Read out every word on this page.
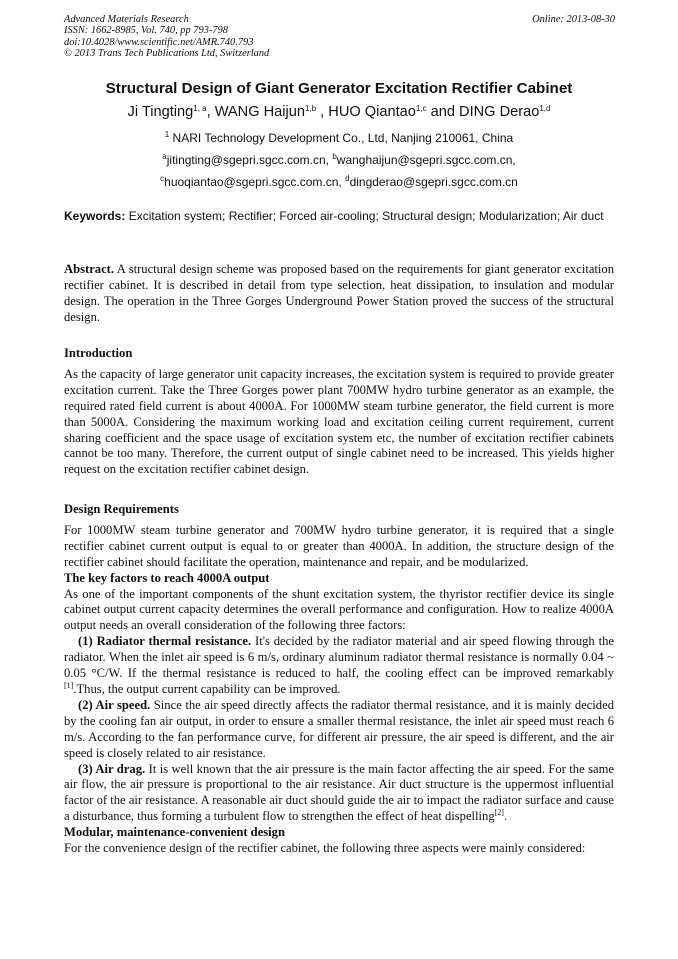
Advanced Materials Research
ISSN: 1662-8985, Vol. 740, pp 793-798
doi:10.4028/www.scientific.net/AMR.740.793
© 2013 Trans Tech Publications Ltd, Switzerland
Online: 2013-08-30
Structural Design of Giant Generator Excitation Rectifier Cabinet
Ji Tingting$^{1, a}$, WANG Haijun$^{1,b}$ , HUO Qiantao$^{1,c}$ and DING Derao$^{1,d}$
$^1$ NARI Technology Development Co., Ltd, Nanjing 210061, China
$^a$jitingting@sgepri.sgcc.com.cn, $^b$wanghaijun@sgepri.sgcc.com.cn,
$^c$huoqiantao@sgepri.sgcc.com.cn, $^d$dingderao@sgepri.sgcc.com.cn
Keywords: Excitation system; Rectifier; Forced air-cooling; Structural design; Modularization; Air duct
Abstract. A structural design scheme was proposed based on the requirements for giant generator excitation rectifier cabinet. It is described in detail from type selection, heat dissipation, to insulation and modular design. The operation in the Three Gorges Underground Power Station proved the success of the structural design.
Introduction

As the capacity of large generator unit capacity increases, the excitation system is required to provide greater excitation current. Take the Three Gorges power plant 700MW hydro turbine generator as an example, the required rated field current is about 4000A. For 1000MW steam turbine generator, the field current is more than 5000A. Considering the maximum working load and excitation ceiling current requirement, current sharing coefficient and the space usage of excitation system etc, the number of excitation rectifier cabinets cannot be too many. Therefore, the current output of single cabinet need to be increased. This yields higher request on the excitation rectifier cabinet design.

Design Requirements

For 1000MW steam turbine generator and 700MW hydro turbine generator, it is required that a single rectifier cabinet current output is equal to or greater than 4000A. In addition, the structure design of the rectifier cabinet should facilitate the operation, maintenance and repair, and be modularized.

The key factors to reach 4000A output

As one of the important components of the shunt excitation system, the thyristor rectifier device its single cabinet output current capacity determines the overall performance and configuration. How to realize 4000A output needs an overall consideration of the following three factors:

(1) Radiator thermal resistance. It's decided by the radiator material and air speed flowing through the radiator. When the inlet air speed is 6 m/s, ordinary aluminum radiator thermal resistance is normally 0.04 ~ 0.05 °C/W. If the thermal resistance is reduced to half, the cooling effect can be improved remarkably [1].Thus, the output current capability can be improved.

(2) Air speed. Since the air speed directly affects the radiator thermal resistance, and it is mainly decided by the cooling fan air output, in order to ensure a smaller thermal resistance, the inlet air speed must reach 6 m/s. According to the fan performance curve, for different air pressure, the air speed is different, and the air speed is closely related to air resistance.

(3) Air drag. It is well known that the air pressure is the main factor affecting the air speed. For the same air flow, the air pressure is proportional to the air resistance. Air duct structure is the uppermost influential factor of the air resistance. A reasonable air duct should guide the air to impact the radiator surface and cause a disturbance, thus forming a turbulent flow to strengthen the effect of heat dispelling[2].

Modular, maintenance-convenient design

For the convenience design of the rectifier cabinet, the following three aspects were mainly considered:
